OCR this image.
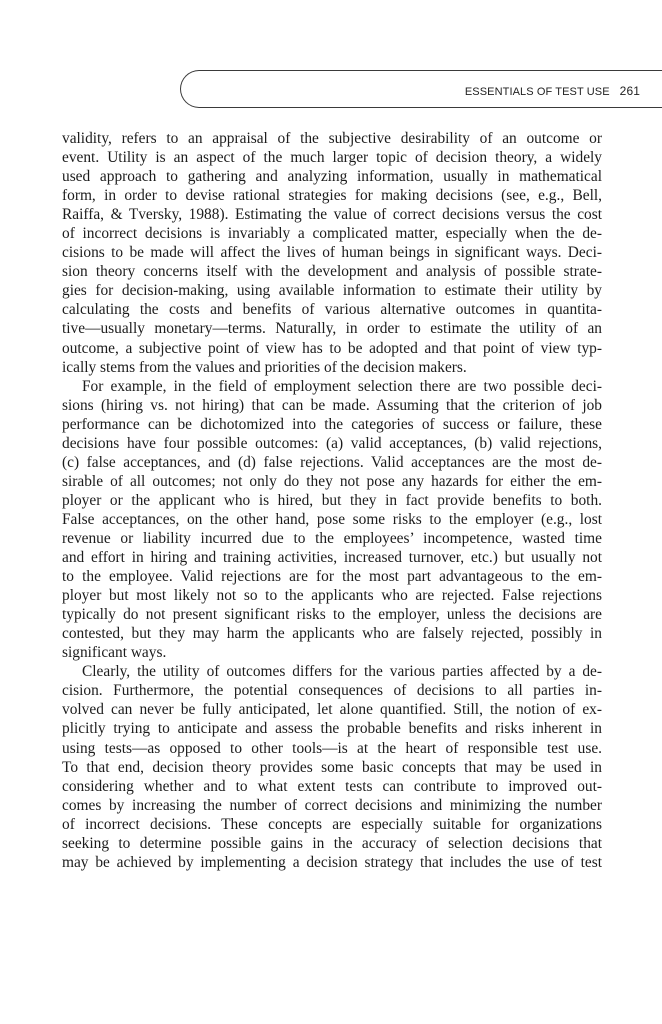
ESSENTIALS OF TEST USE 261
validity, refers to an appraisal of the subjective desirability of an outcome or
event. Utility is an aspect of the much larger topic of decision theory, a widely
used approach to gathering and analyzing information, usually in mathematical
form, in order to devise rational strategies for making decisions (see, e.g., Bell,
Raiffa, & Tversky, 1988). Estimating the value of correct decisions versus the cost
of incorrect decisions is invariably a complicated matter, especially when the de-
cisions to be made will affect the lives of human beings in significant ways. Deci-
sion theory concerns itself with the development and analysis of possible strate-
gies for decision-making, using available information to estimate their utility by
calculating the costs and benefits of various alternative outcomes in quantita-
tive—usually monetary—terms. Naturally, in order to estimate the utility of an
outcome, a subjective point of view has to be adopted and that point of view typ-
ically stems from the values and priorities of the decision makers.
For example, in the field of employment selection there are two possible deci-
sions (hiring vs. not hiring) that can be made. Assuming that the criterion of job
performance can be dichotomized into the categories of success or failure, these
decisions have four possible outcomes: (a) valid acceptances, (b) valid rejections,
(c) false acceptances, and (d) false rejections. Valid acceptances are the most de-
sirable of all outcomes; not only do they not pose any hazards for either the em-
ployer or the applicant who is hired, but they in fact provide benefits to both.
False acceptances, on the other hand, pose some risks to the employer (e.g., lost
revenue or liability incurred due to the employees’ incompetence, wasted time
and effort in hiring and training activities, increased turnover, etc.) but usually not
to the employee. Valid rejections are for the most part advantageous to the em-
ployer but most likely not so to the applicants who are rejected. False rejections
typically do not present significant risks to the employer, unless the decisions are
contested, but they may harm the applicants who are falsely rejected, possibly in
significant ways.
Clearly, the utility of outcomes differs for the various parties affected by a de-
cision. Furthermore, the potential consequences of decisions to all parties in-
volved can never be fully anticipated, let alone quantified. Still, the notion of ex-
plicitly trying to anticipate and assess the probable benefits and risks inherent in
using tests—as opposed to other tools—is at the heart of responsible test use.
To that end, decision theory provides some basic concepts that may be used in
considering whether and to what extent tests can contribute to improved out-
comes by increasing the number of correct decisions and minimizing the number
of incorrect decisions. These concepts are especially suitable for organizations
seeking to determine possible gains in the accuracy of selection decisions that
may be achieved by implementing a decision strategy that includes the use of test
